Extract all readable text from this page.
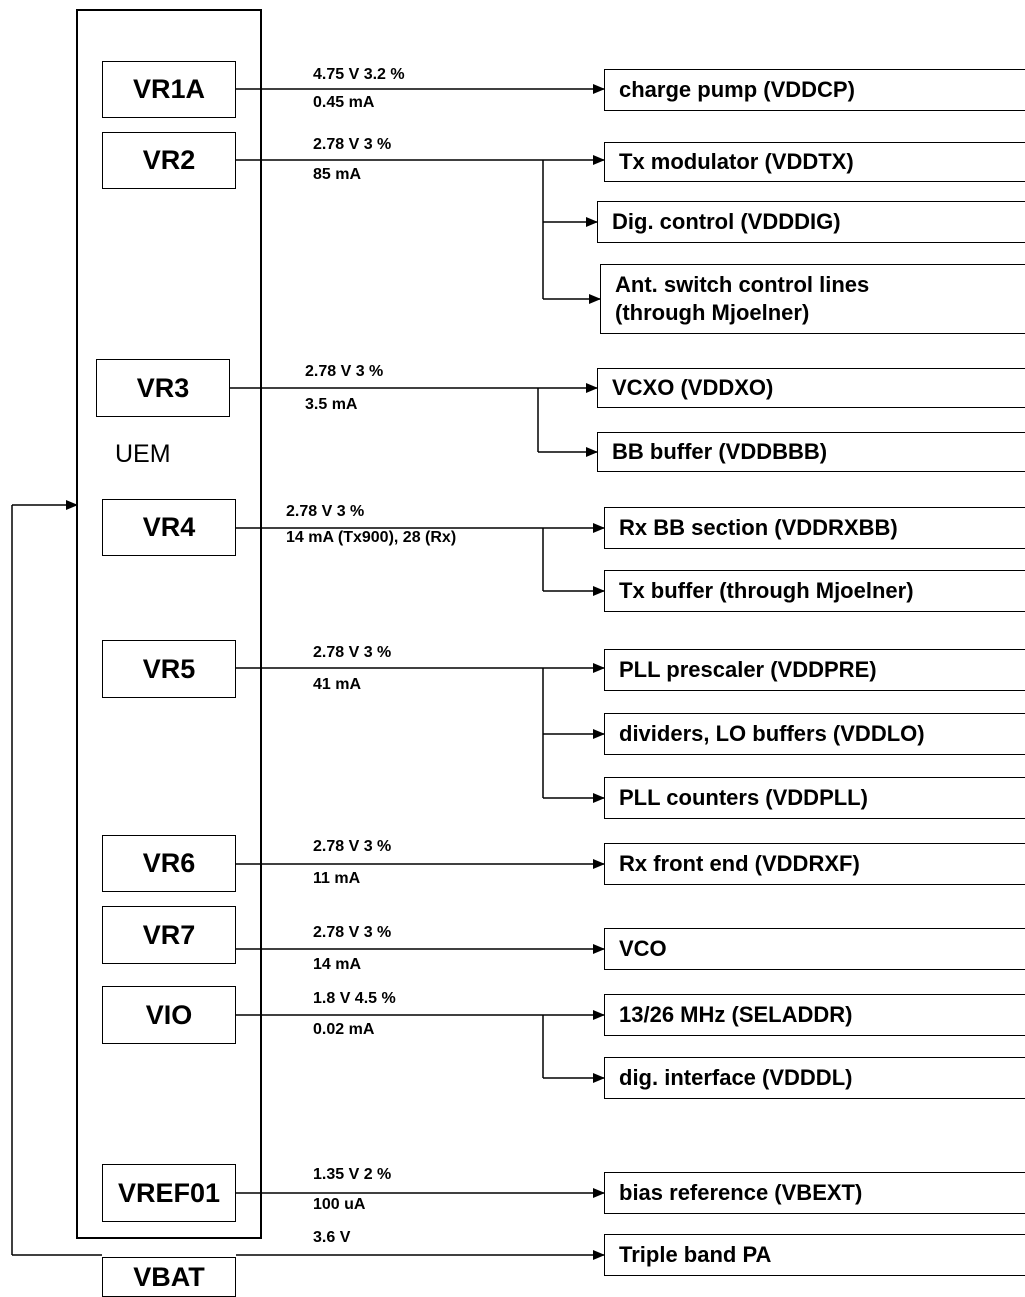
UEM
VR1A	4.75 V 3.2 %
0.45 mA
charge pump (VDDCP)
VR2
2.78 V 3 %
85 mA
Tx modulator (VDDTX)
Dig. control (VDDDIG)
Ant. switch control lines
(through Mjoelner)
VR3
2.78 V 3 %
3.5 mA
VCXO (VDDXO)
BB buffer (VDDBBB)
VR4
2.78 V 3 %
14 mA (Tx900), 28 (Rx)	Rx BB section (VDDRXBB)
Tx buffer (through Mjoelner)
VR5
2.78 V 3 %
41 mA
PLL prescaler (VDDPRE)
dividers, LO buffers (VDDLO)
PLL counters (VDDPLL)
VR6
2.78 V 3 %
11 mA
Rx front end (VDDRXF)
VR7	2.78 V 3 %
14 mA
VCO
VIO
1.8 V 4.5 %
0.02 mA
13/26 MHz (SELADDR)
dig. interface (VDDDL)
VREF01
1.35 V 2 %
100 uA	bias reference (VBEXT)
VBAT
3.6 V
Triple band PA
